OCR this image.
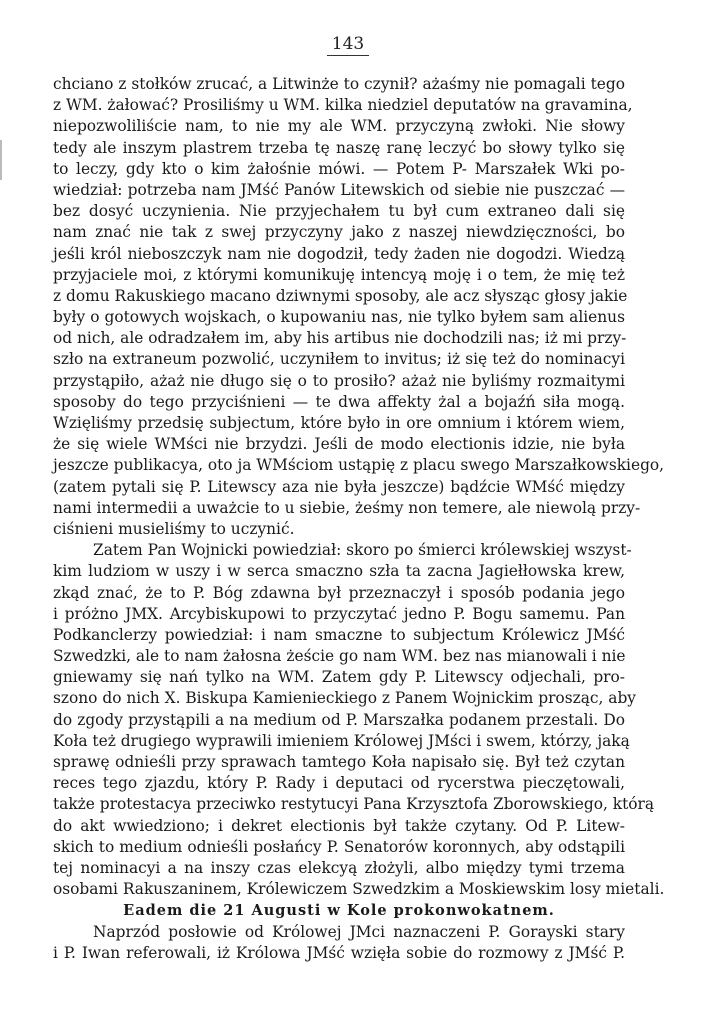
143
chciano z stołków zrucać, a Litwinże to czynił? ażaśmy nie pomagali tego
z WM. żałować? Prosiliśmy u WM. kilka niedziel deputatów na gravamina,
niepozwoliliście nam, to nie my ale WM. przyczyną zwłoki. Nie słowy
tedy ale inszym plastrem trzeba tę naszę ranę leczyć bo słowy tylko się
to leczy, gdy kto o kim żałośnie mówi. — Potem P- Marszałek Wki po-
wiedział: potrzeba nam JMść Panów Litewskich od siebie nie puszczać —
bez dosyć uczynienia. Nie przyjechałem tu był cum extraneo dali się
nam znać nie tak z swej przyczyny jako z naszej niewdzięczności, bo
jeśli król nieboszczyk nam nie dogodził, tedy żaden nie dogodzi. Wiedzą
przyjaciele moi, z którymi komunikuję intencyą moję i o tem, że mię też
z domu Rakuskiego macano dziwnymi sposoby, ale acz słysząc głosy jakie
były o gotowych wojskach, o kupowaniu nas, nie tylko byłem sam alienus
od nich, ale odradzałem im, aby his artibus nie dochodzili nas; iż mi przy-
szło na extraneum pozwolić, uczyniłem to invitus; iż się też do nominacyi
przystąpiło, ażaż nie długo się o to prosiło? ażaż nie byliśmy rozmaitymi
sposoby do tego przyciśnieni — te dwa affekty żal a bojaźń siła mogą.
Wzięliśmy przedsię subjectum, które było in ore omnium i którem wiem,
że się wiele WMści nie brzydzi. Jeśli de modo electionis idzie, nie była
jeszcze publikacya, oto ja WMściom ustąpię z placu swego Marszałkowskiego,
(zatem pytali się P. Litewscy aza nie była jeszcze) bądźcie WMść między
nami intermedii a uważcie to u siebie, żeśmy non temere, ale niewolą przy-
ciśnieni musieliśmy to uczynić.
Zatem Pan Wojnicki powiedział: skoro po śmierci królewskiej wszyst-
kim ludziom w uszy i w serca smaczno szła ta zacna Jagiełłowska krew,
zkąd znać, że to P. Bóg zdawna był przeznaczył i sposób podania jego
i próżno JMX. Arcybiskupowi to przyczytać jedno P. Bogu samemu. Pan
Podkanclerzy powiedział: i nam smaczne to subjectum Królewicz JMść
Szwedzki, ale to nam żałosna żeście go nam WM. bez nas mianowali i nie
gniewamy się nań tylko na WM. Zatem gdy P. Litewscy odjechali, pro-
szono do nich X. Biskupa Kamienieckiego z Panem Wojnickim prosząc, aby
do zgody przystąpili a na medium od P. Marszałka podanem przestali. Do
Koła też drugiego wyprawili imieniem Królowej JMści i swem, którzy, jaką
sprawę odnieśli przy sprawach tamtego Koła napisało się. Był też czytan
reces tego zjazdu, który P. Rady i deputaci od rycerstwa pieczętowali,
także protestacya przeciwko restytucyi Pana Krzysztofa Zborowskiego, którą
do akt wwiedziono; i dekret electionis był także czytany. Od P. Litew-
skich to medium odnieśli posłańcy P. Senatorów koronnych, aby odstąpili
tej nominacyi a na inszy czas elekcyą złożyli, albo między tymi trzema
osobami Rakuszaninem, Królewiczem Szwedzkim a Moskiewskim losy mietali.
Eadem die 21 Augusti w Kole prokonwokatnem.
Naprzód posłowie od Królowej JMci naznaczeni P. Gorayski stary
i P. Iwan referowali, iż Królowa JMść wzięła sobie do rozmowy z JMść P.
